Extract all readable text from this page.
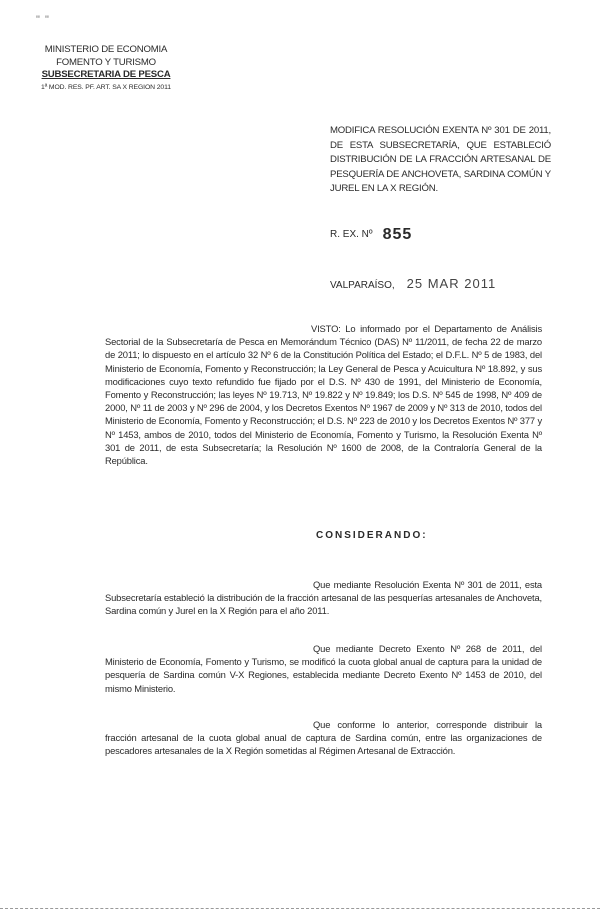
" "
MINISTERIO DE ECONOMIA
FOMENTO Y TURISMO
SUBSECRETARIA DE PESCA
1ª MOD. RES. PF. ART. SA X REGION 2011

MODIFICA RESOLUCIÓN EXENTA Nº 301 DE 2011, DE ESTA SUBSECRETARÍA, QUE ESTABLECIÓ DISTRIBUCIÓN DE LA FRACCIÓN ARTESANAL DE PESQUERÍA DE ANCHOVETA, SARDINA COMÚN Y JUREL EN LA X REGIÓN.

R. EX. Nº 855
VALPARAÍSO, 25 MAR 2011

VISTO: Lo informado por el Departamento de Análisis Sectorial de la Subsecretaría de Pesca en Memorándum Técnico (DAS) Nº 11/2011, de fecha 22 de marzo de 2011; lo dispuesto en el artículo 32 Nº 6 de la Constitución Política del Estado; el D.F.L. Nº 5 de 1983, del Ministerio de Economía, Fomento y Reconstrucción; la Ley General de Pesca y Acuicultura Nº 18.892, y sus modificaciones cuyo texto refundido fue fijado por el D.S. Nº 430 de 1991, del Ministerio de Economía, Fomento y Reconstrucción; las leyes Nº 19.713, Nº 19.822 y Nº 19.849; los D.S. Nº 545 de 1998, Nº 409 de 2000, Nº 11 de 2003 y Nº 296 de 2004, y los Decretos Exentos Nº 1967 de 2009 y Nº 313 de 2010, todos del Ministerio de Economía, Fomento y Reconstrucción; el D.S. Nº 223 de 2010 y los Decretos Exentos Nº 377 y Nº 1453, ambos de 2010, todos del Ministerio de Economía, Fomento y Turismo, la Resolución Exenta Nº 301 de 2011, de esta Subsecretaría; la Resolución Nº 1600 de 2008, de la Contraloría General de la República.

CONSIDERANDO:

Que mediante Resolución Exenta Nº 301 de 2011, esta Subsecretaría estableció la distribución de la fracción artesanal de las pesquerías artesanales de Anchoveta, Sardina común y Jurel en la X Región para el año 2011.

Que mediante Decreto Exento Nº 268 de 2011, del Ministerio de Economía, Fomento y Turismo, se modificó la cuota global anual de captura para la unidad de pesquería de Sardina común V-X Regiones, establecida mediante Decreto Exento Nº 1453 de 2010, del mismo Ministerio.

Que conforme lo anterior, corresponde distribuir la fracción artesanal de la cuota global anual de captura de Sardina común, entre las organizaciones de pescadores artesanales de la X Región sometidas al Régimen Artesanal de Extracción.
